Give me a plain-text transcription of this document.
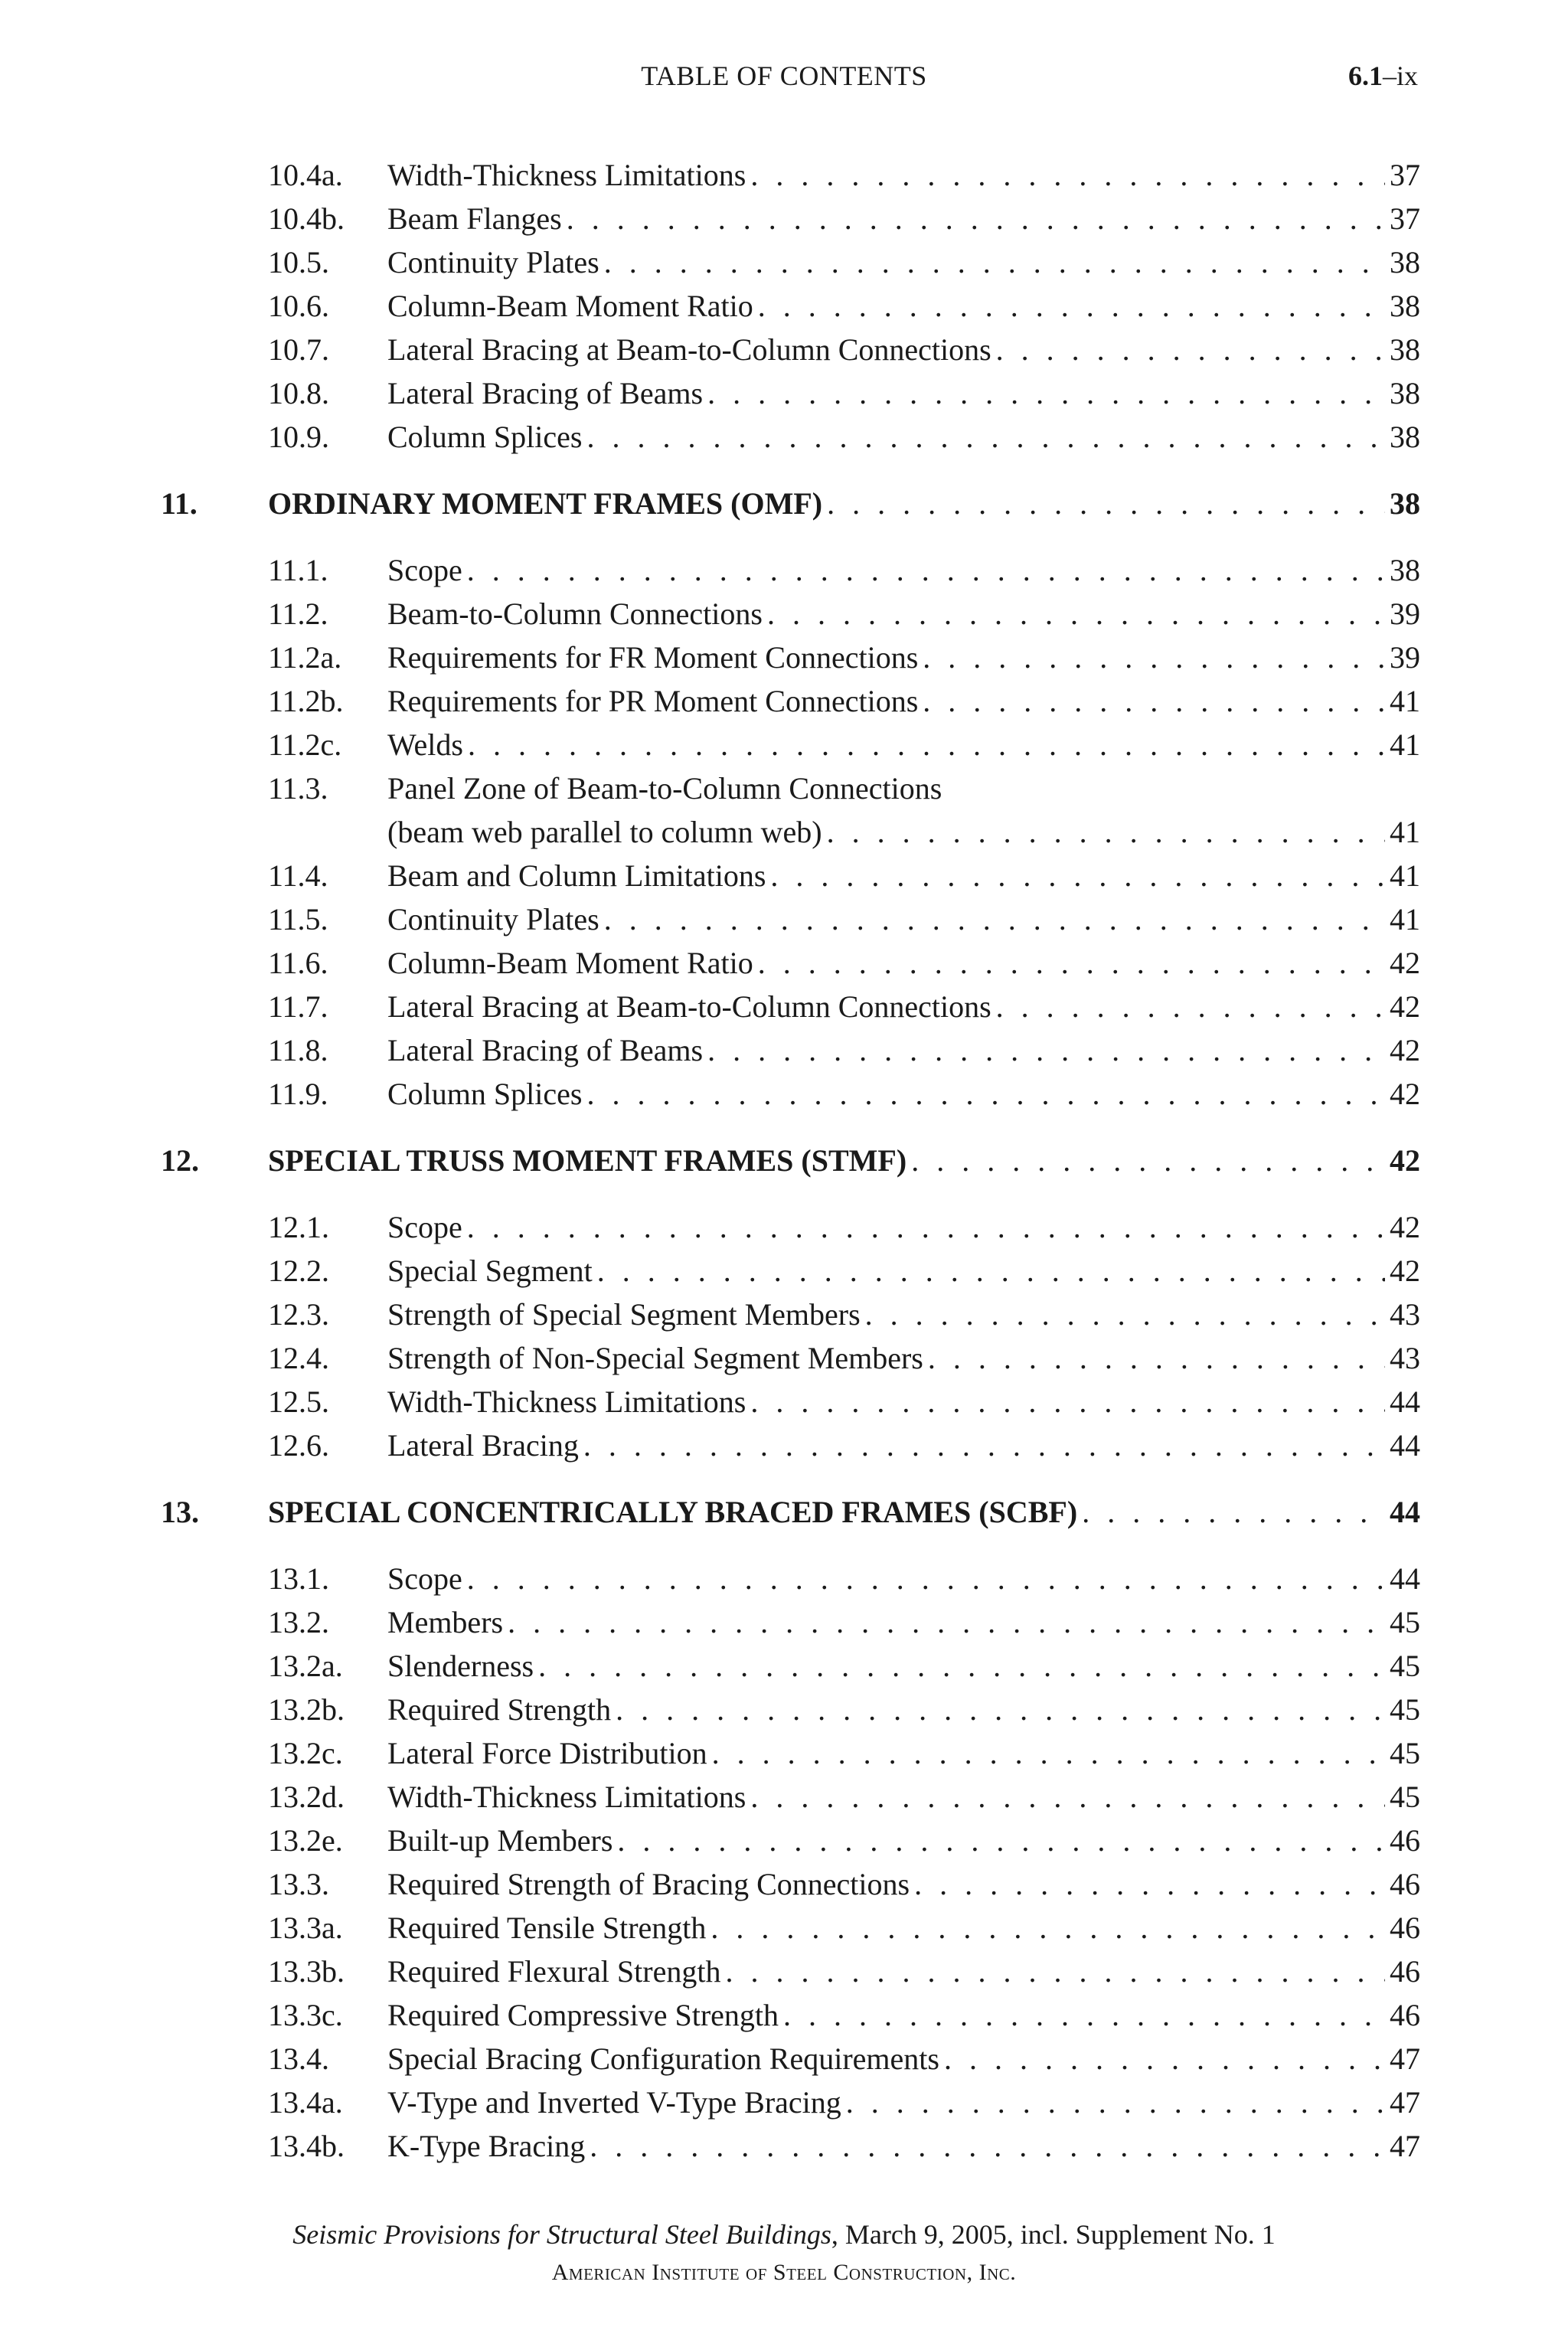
TABLE OF CONTENTS	6.1–ix
10.4a. Width-Thickness Limitations . . .	37
10.4b. Beam Flanges . . .	37
10.5. Continuity Plates . . .	38
10.6. Column-Beam Moment Ratio . . .	38
10.7. Lateral Bracing at Beam-to-Column Connections . . .	38
10.8. Lateral Bracing of Beams . . .	38
10.9. Column Splices . . .	38
11. ORDINARY MOMENT FRAMES (OMF) . . .	38
11.1. Scope . . .	38
11.2. Beam-to-Column Connections . . .	39
11.2a. Requirements for FR Moment Connections . . .	39
11.2b. Requirements for PR Moment Connections . . .	41
11.2c. Welds . . .	41
11.3. Panel Zone of Beam-to-Column Connections
(beam web parallel to column web) . . .	41
11.4. Beam and Column Limitations . . .	41
11.5. Continuity Plates . . .	41
11.6. Column-Beam Moment Ratio . . .	42
11.7. Lateral Bracing at Beam-to-Column Connections . . .	42
11.8. Lateral Bracing of Beams . . .	42
11.9. Column Splices . . .	42
12. SPECIAL TRUSS MOMENT FRAMES (STMF) . . .	42
12.1. Scope . . .	42
12.2. Special Segment . . .	42
12.3. Strength of Special Segment Members . . .	43
12.4. Strength of Non-Special Segment Members . . .	43
12.5. Width-Thickness Limitations . . .	44
12.6. Lateral Bracing . . .	44
13. SPECIAL CONCENTRICALLY BRACED FRAMES (SCBF) . . .	44
13.1. Scope . . .	44
13.2. Members . . .	45
13.2a. Slenderness . . .	45
13.2b. Required Strength . . .	45
13.2c. Lateral Force Distribution . . .	45
13.2d. Width-Thickness Limitations . . .	45
13.2e. Built-up Members . . .	46
13.3. Required Strength of Bracing Connections . . .	46
13.3a. Required Tensile Strength . . .	46
13.3b. Required Flexural Strength . . .	46
13.3c. Required Compressive Strength . . .	46
13.4. Special Bracing Configuration Requirements . . .	47
13.4a. V-Type and Inverted V-Type Bracing . . .	47
13.4b. K-Type Bracing . . .	47
Seismic Provisions for Structural Steel Buildings, March 9, 2005, incl. Supplement No. 1
American Institute of Steel Construction, Inc.
